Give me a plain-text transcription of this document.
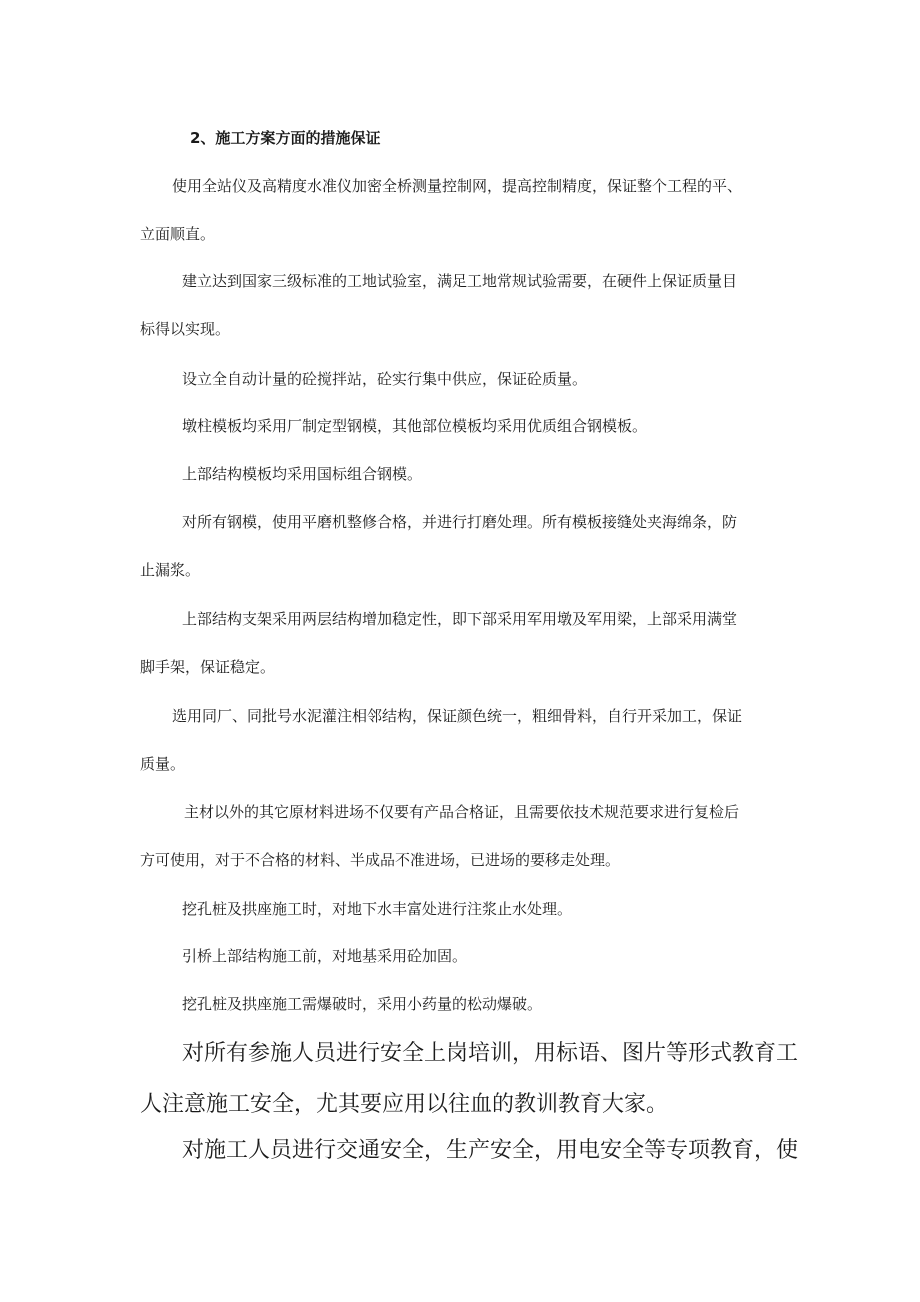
2、施工方案方面的措施保证

使用全站仪及高精度水准仪加密全桥测量控制网，提高控制精度，保证整个工程的平、

立面顺直。

建立达到国家三级标准的工地试验室，满足工地常规试验需要，在硬件上保证质量目

标得以实现。

设立全自动计量的砼搅拌站，砼实行集中供应，保证砼质量。

墩柱模板均采用厂制定型钢模，其他部位模板均采用优质组合钢模板。

上部结构模板均采用国标组合钢模。

对所有钢模，使用平磨机整修合格，并进行打磨处理。所有模板接缝处夹海绵条，防

止漏浆。

上部结构支架采用两层结构增加稳定性，即下部采用军用墩及军用梁，上部采用满堂

脚手架，保证稳定。

选用同厂、同批号水泥灌注相邻结构，保证颜色统一，粗细骨料，自行开采加工，保证

质量。

主材以外的其它原材料进场不仅要有产品合格证，且需要依技术规范要求进行复检后

方可使用，对于不合格的材料、半成品不准进场，已进场的要移走处理。

挖孔桩及拱座施工时，对地下水丰富处进行注浆止水处理。

引桥上部结构施工前，对地基采用砼加固。

挖孔桩及拱座施工需爆破时，采用小药量的松动爆破。

对所有参施人员进行安全上岗培训，用标语、图片等形式教育工

人注意施工安全，尤其要应用以往血的教训教育大家。

对施工人员进行交通安全，生产安全，用电安全等专项教育，使
